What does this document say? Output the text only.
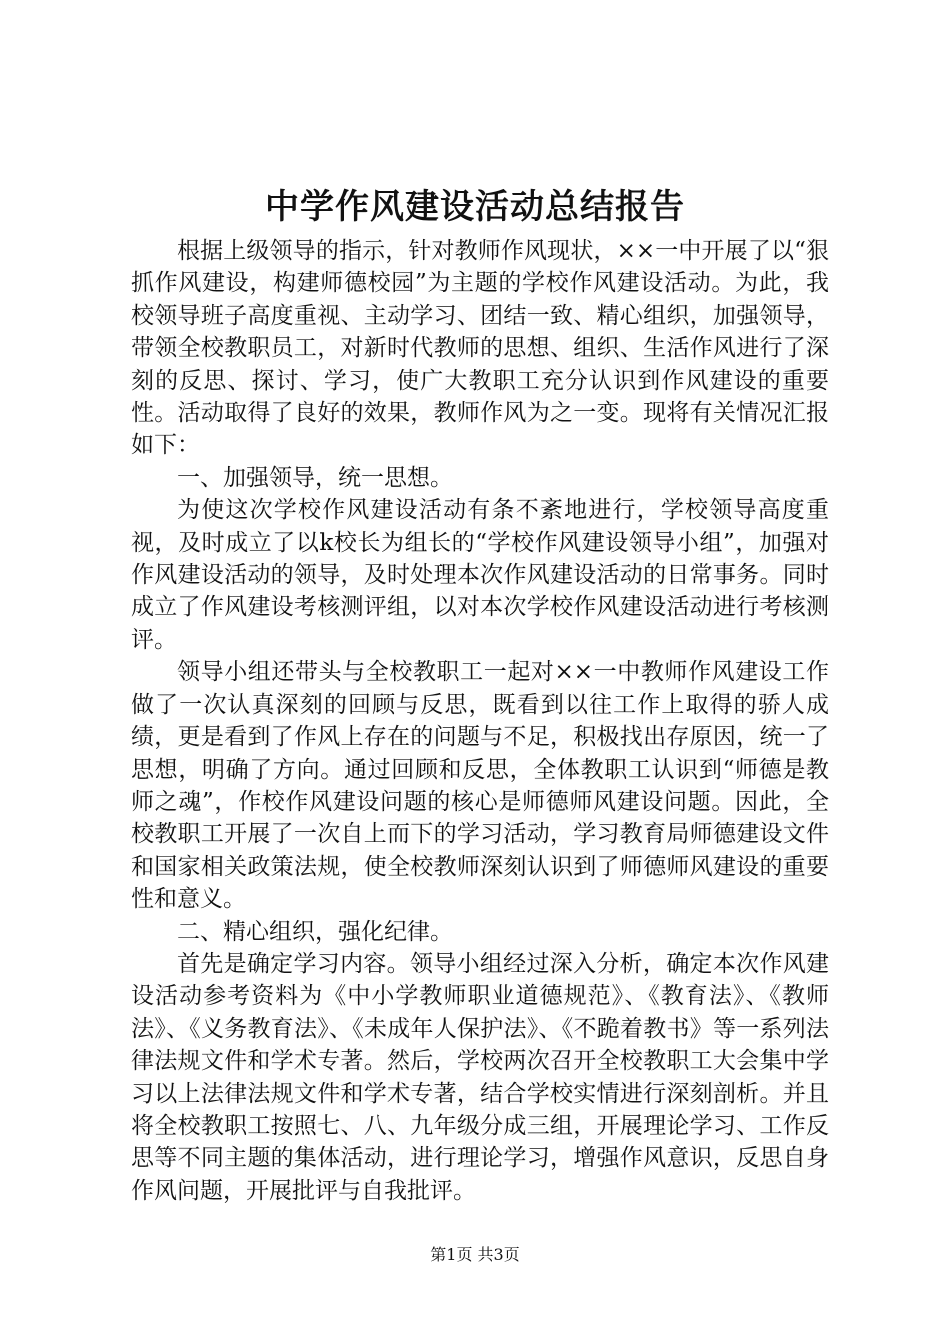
中学作风建设活动总结报告

根据上级领导的指示，针对教师作风现状，××一中开展了以“狠抓作风建设，构建师德校园”为主题的学校作风建设活动。为此，我校领导班子高度重视、主动学习、团结一致、精心组织，加强领导，带领全校教职员工，对新时代教师的思想、组织、生活作风进行了深刻的反思、探讨、学习，使广大教职工充分认识到作风建设的重要性。活动取得了良好的效果，教师作风为之一变。现将有关情况汇报如下：

一、加强领导，统一思想。

为使这次学校作风建设活动有条不紊地进行，学校领导高度重视，及时成立了以k校长为组长的“学校作风建设领导小组”，加强对作风建设活动的领导，及时处理本次作风建设活动的日常事务。同时成立了作风建设考核测评组，以对本次学校作风建设活动进行考核测评。

领导小组还带头与全校教职工一起对××一中教师作风建设工作做了一次认真深刻的回顾与反思，既看到以往工作上取得的骄人成绩，更是看到了作风上存在的问题与不足，积极找出存原因，统一了思想，明确了方向。通过回顾和反思，全体教职工认识到“师德是教师之魂”，作校作风建设问题的核心是师德师风建设问题。因此，全校教职工开展了一次自上而下的学习活动，学习教育局师德建设文件和国家相关政策法规，使全校教师深刻认识到了师德师风建设的重要性和意义。

二、精心组织，强化纪律。

首先是确定学习内容。领导小组经过深入分析，确定本次作风建设活动参考资料为《中小学教师职业道德规范》、《教育法》、《教师法》、《义务教育法》、《未成年人保护法》、《不跪着教书》等一系列法律法规文件和学术专著。然后，学校两次召开全校教职工大会集中学习以上法律法规文件和学术专著，结合学校实情进行深刻剖析。并且将全校教职工按照七、八、九年级分成三组，开展理论学习、工作反思等不同主题的集体活动，进行理论学习，增强作风意识，反思自身作风问题，开展批评与自我批评。

第1页 共3页
